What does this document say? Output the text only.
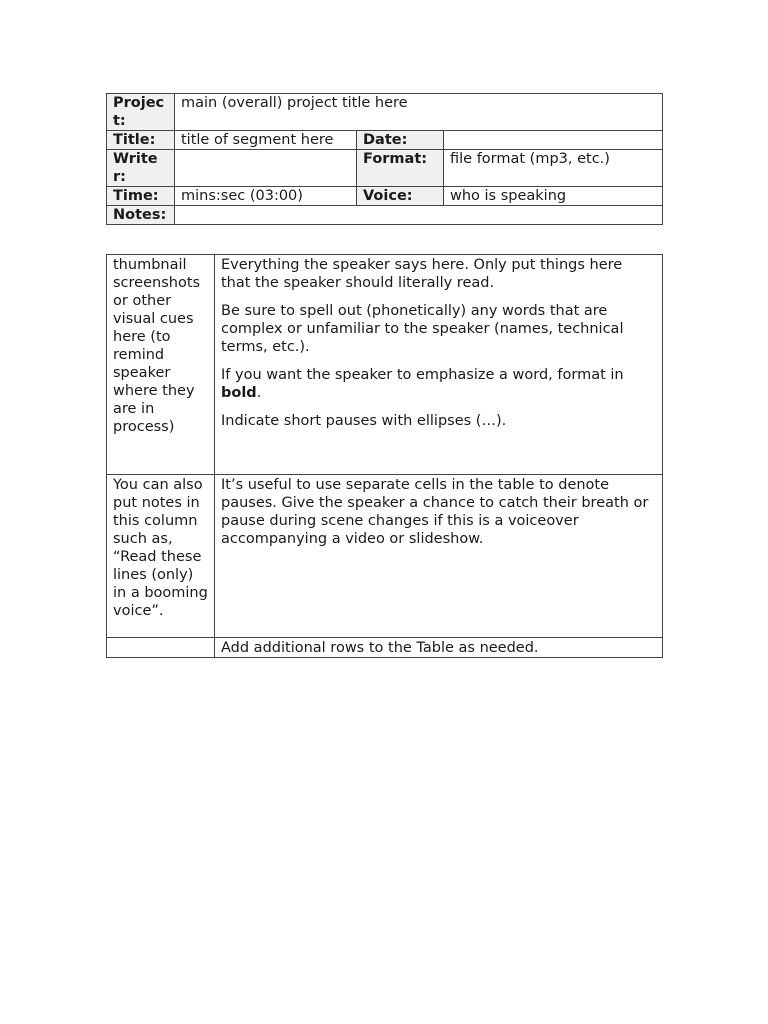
Project:	main (overall) project title here		
Title:	title of segment here	Date:	
Writer:		Format:	file format (mp3, etc.)
Time:	mins:sec (03:00)	Voice:	who is speaking
Notes:			
thumbnail screenshots or other visual cues here (to remind speaker where they are in process)	Everything the speaker says here. Only put things here that the speaker should literally read.

Be sure to spell out (phonetically) any words that are complex or unfamiliar to the speaker (names, technical terms, etc.).

If you want the speaker to emphasize a word, format in bold.

Indicate short pauses with ellipses (…).

You can also put notes in this column such as, “Read these lines (only) in a booming voice”.	It’s useful to use separate cells in the table to denote pauses. Give the speaker a chance to catch their breath or pause during scene changes if this is a voiceover accompanying a video or slideshow.

	Add additional rows to the Table as needed.
